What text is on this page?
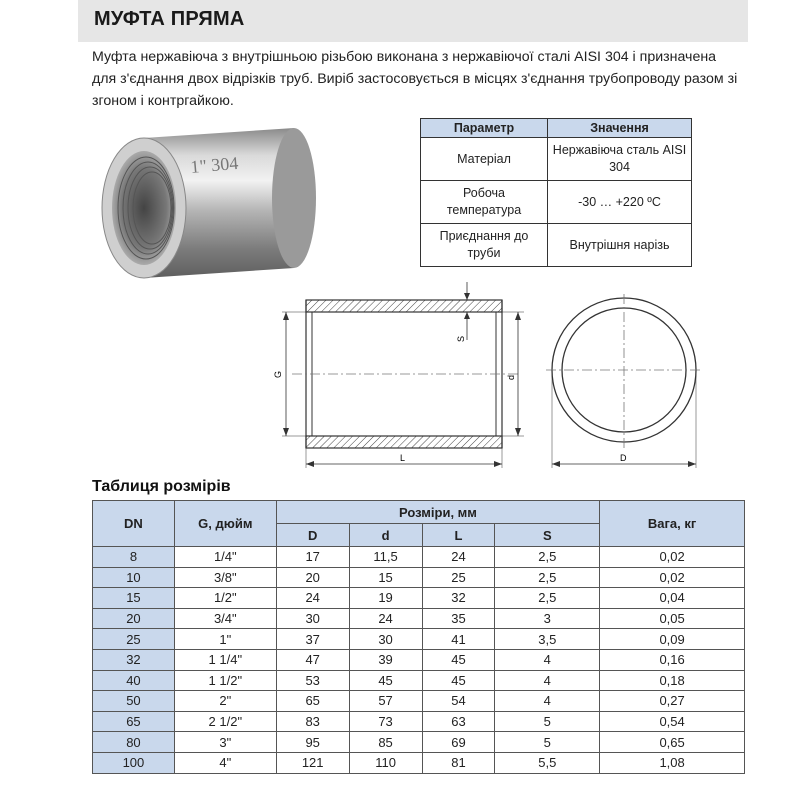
МУФТА ПРЯМА
Муфта нержавіюча з внутрішньою різьбою виконана з нержавіючої сталі AISI 304 і призначена для з'єднання двох відрізків труб. Виріб застосовується в місцях з'єднання трубопроводу разом зі згоном і контргайкою.
1" 304
Параметр	Значення
Матеріал	Нержавіюча сталь AISI 304
Робоча температура	-30 … +220 ºС
Приєднання до труби	Внутрішня нарізь
G	d
S
L	D
Таблиця розмірів
DN	G, дюйм	Розміри, мм				Вага, кг
		D	d	L	S	
8	1/4"	17	11,5	24	2,5	0,02
10	3/8"	20	15	25	2,5	0,02
15	1/2"	24	19	32	2,5	0,04
20	3/4"	30	24	35	3	0,05
25	1"	37	30	41	3,5	0,09
32	1 1/4"	47	39	45	4	0,16
40	1 1/2"	53	45	45	4	0,18
50	2"	65	57	54	4	0,27
65	2 1/2"	83	73	63	5	0,54
80	3"	95	85	69	5	0,65
100	4"	121	110	81	5,5	1,08
